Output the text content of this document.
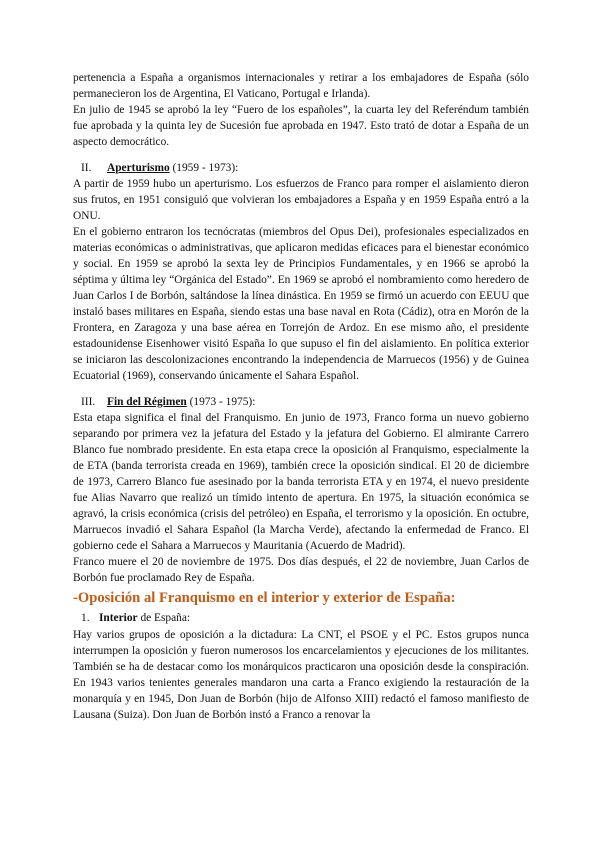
pertenencia a España a organismos internacionales y retirar a los embajadores de España (sólo permanecieron los de Argentina, El Vaticano, Portugal e Irlanda).

En julio de 1945 se aprobó la ley “Fuero de los españoles”, la cuarta ley del Referéndum también fue aprobada y la quinta ley de Sucesión fue aprobada en 1947. Esto trató de dotar a España de un aspecto democrático.

II. Aperturismo (1959 - 1973):

A partir de 1959 hubo un aperturismo. Los esfuerzos de Franco para romper el aislamiento dieron sus frutos, en 1951 consiguió que volvieran los embajadores a España y en 1959 España entró a la ONU.

En el gobierno entraron los tecnócratas (miembros del Opus Dei), profesionales especializados en materias económicas o administrativas, que aplicaron medidas eficaces para el bienestar económico y social. En 1959 se aprobó la sexta ley de Principios Fundamentales, y en 1966 se aprobó la séptima y última ley “Orgánica del Estado”. En 1969 se aprobó el nombramiento como heredero de Juan Carlos I de Borbón, saltándose la línea dinástica. En 1959 se firmó un acuerdo con EEUU que instaló bases militares en España, siendo estas una base naval en Rota (Cádiz), otra en Morón de la Frontera, en Zaragoza y una base aérea en Torrejón de Ardoz. En ese mismo año, el presidente estadounidense Eisenhower visitó España lo que supuso el fin del aislamiento. En política exterior se iniciaron las descolonizaciones encontrando la independencia de Marruecos (1956) y de Guinea Ecuatorial (1969), conservando únicamente el Sahara Español.

III. Fin del Régimen (1973 - 1975):

Esta etapa significa el final del Franquismo. En junio de 1973, Franco forma un nuevo gobierno separando por primera vez la jefatura del Estado y la jefatura del Gobierno. El almirante Carrero Blanco fue nombrado presidente. En esta etapa crece la oposición al Franquismo, especialmente la de ETA (banda terrorista creada en 1969), también crece la oposición sindical. El 20 de diciembre de 1973, Carrero Blanco fue asesinado por la banda terrorista ETA y en 1974, el nuevo presidente fue Alias Navarro que realizó un tímido intento de apertura. En 1975, la situación económica se agravó, la crisis económica (crisis del petróleo) en España, el terrorismo y la oposición. En octubre, Marruecos invadió el Sahara Español (la Marcha Verde), afectando la enfermedad de Franco. El gobierno cede el Sahara a Marruecos y Mauritania (Acuerdo de Madrid).

Franco muere el 20 de noviembre de 1975. Dos días después, el 22 de noviembre, Juan Carlos de Borbón fue proclamado Rey de España.

-Oposición al Franquismo en el interior y exterior de España:
1. Interior de España:

Hay varios grupos de oposición a la dictadura: La CNT, el PSOE y el PC. Estos grupos nunca interrumpen la oposición y fueron numerosos los encarcelamientos y ejecuciones de los militantes. También se ha de destacar como los monárquicos practicaron una oposición desde la conspiración. En 1943 varios tenientes generales mandaron una carta a Franco exigiendo la restauración de la monarquía y en 1945, Don Juan de Borbón (hijo de Alfonso XIII) redactó el famoso manifiesto de Lausana (Suiza). Don Juan de Borbón instó a Franco a renovar la
